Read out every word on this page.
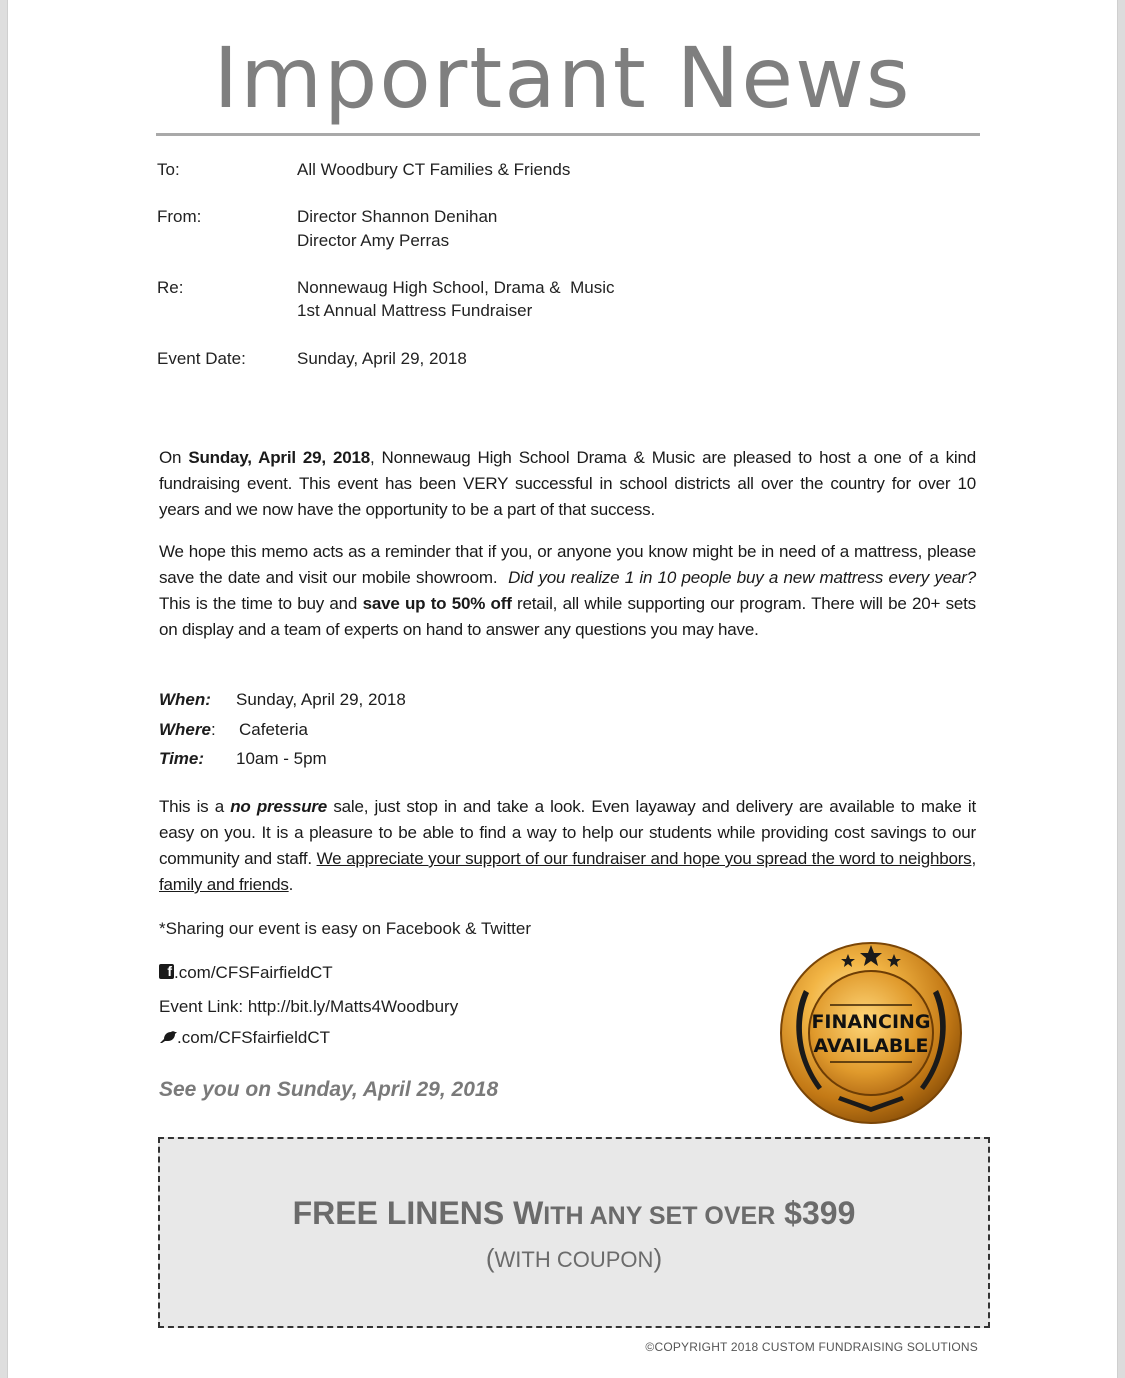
Important News
To:	All Woodbury CT Families & Friends
From:	Director Shannon Denihan
Director Amy Perras
Re:	Nonnewaug High School, Drama &  Music
1st Annual Mattress Fundraiser
Event Date:	Sunday, April 29, 2018
On Sunday, April 29, 2018, Nonnewaug High School Drama & Music are pleased to host a one of a kind fundraising event. This event has been VERY successful in school districts all over the country for over 10 years and we now have the opportunity to be a part of that success.
We hope this memo acts as a reminder that if you, or anyone you know might be in need of a mattress, please save the date and visit our mobile showroom.  Did you realize 1 in 10 people buy a new mattress every year? This is the time to buy and save up to 50% off retail, all while supporting our program. There will be 20+ sets on display and a team of experts on hand to answer any questions you may have.
When: Sunday, April 29, 2018
Where: Cafeteria
Time: 10am - 5pm
This is a no pressure sale, just stop in and take a look. Even layaway and delivery are available to make it easy on you. It is a pleasure to be able to find a way to help our students while providing cost savings to our community and staff. We appreciate your support of our fundraiser and hope you spread the word to neighbors, family and friends.
*Sharing our event is easy on Facebook & Twitter
f.com/CFSFairfieldCT
Event Link: http://bit.ly/Matts4Woodbury
.com/CFSfairfieldCT
See you on Sunday, April 29, 2018
FINANCING
AVAILABLE
FREE LINENS WITH ANY SET OVER $399
(WITH COUPON)
©COPYRIGHT 2018 CUSTOM FUNDRAISING SOLUTIONS
